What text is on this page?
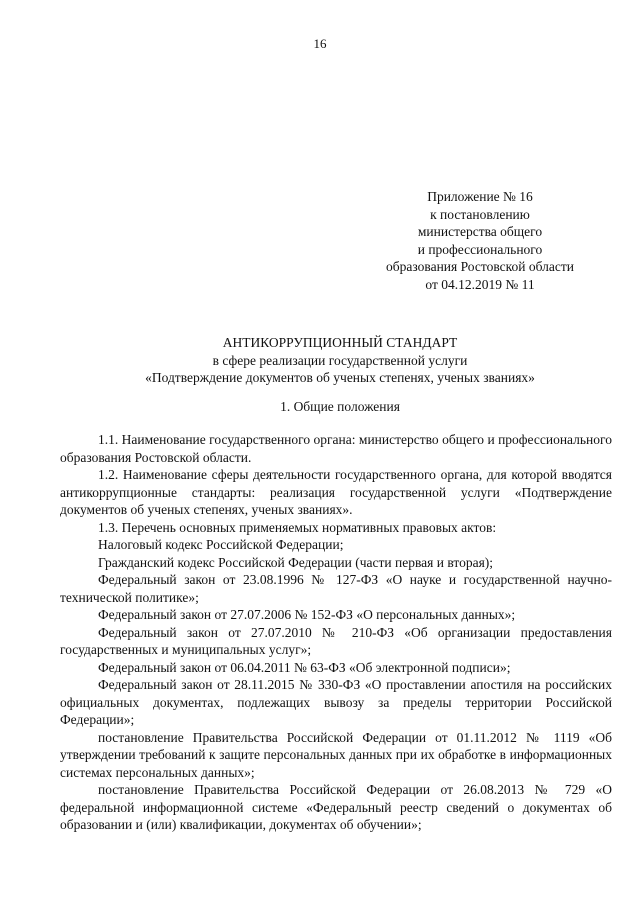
16
Приложение № 16
к постановлению
министерства общего
и профессионального
образования Ростовской области
от 04.12.2019 № 11
АНТИКОРРУПЦИОННЫЙ СТАНДАРТ
в сфере реализации государственной услуги
«Подтверждение документов об ученых степенях, ученых званиях»
1. Общие положения

1.1. Наименование государственного органа: министерство общего и профессионального образования Ростовской области.

1.2. Наименование сферы деятельности государственного органа, для которой вводятся антикоррупционные стандарты: реализация государственной услуги «Подтверждение документов об ученых степенях, ученых званиях».

1.3. Перечень основных применяемых нормативных правовых актов:

Налоговый кодекс Российской Федерации;

Гражданский кодекс Российской Федерации (части первая и вторая);

Федеральный закон от 23.08.1996 № 127-ФЗ «О науке и государственной научно-технической политике»;

Федеральный закон от 27.07.2006 № 152-ФЗ «О персональных данных»;

Федеральный закон от 27.07.2010 № 210-ФЗ «Об организации предоставления государственных и муниципальных услуг»;

Федеральный закон от 06.04.2011 № 63-ФЗ «Об электронной подписи»;

Федеральный закон от 28.11.2015 № 330-ФЗ «О проставлении апостиля на российских официальных документах, подлежащих вывозу за пределы территории Российской Федерации»;

постановление Правительства Российской Федерации от 01.11.2012 № 1119 «Об утверждении требований к защите персональных данных при их обработке в информационных системах персональных данных»;

постановление Правительства Российской Федерации от 26.08.2013 № 729 «О федеральной информационной системе «Федеральный реестр сведений о документах об образовании и (или) квалификации, документах об обучении»;
